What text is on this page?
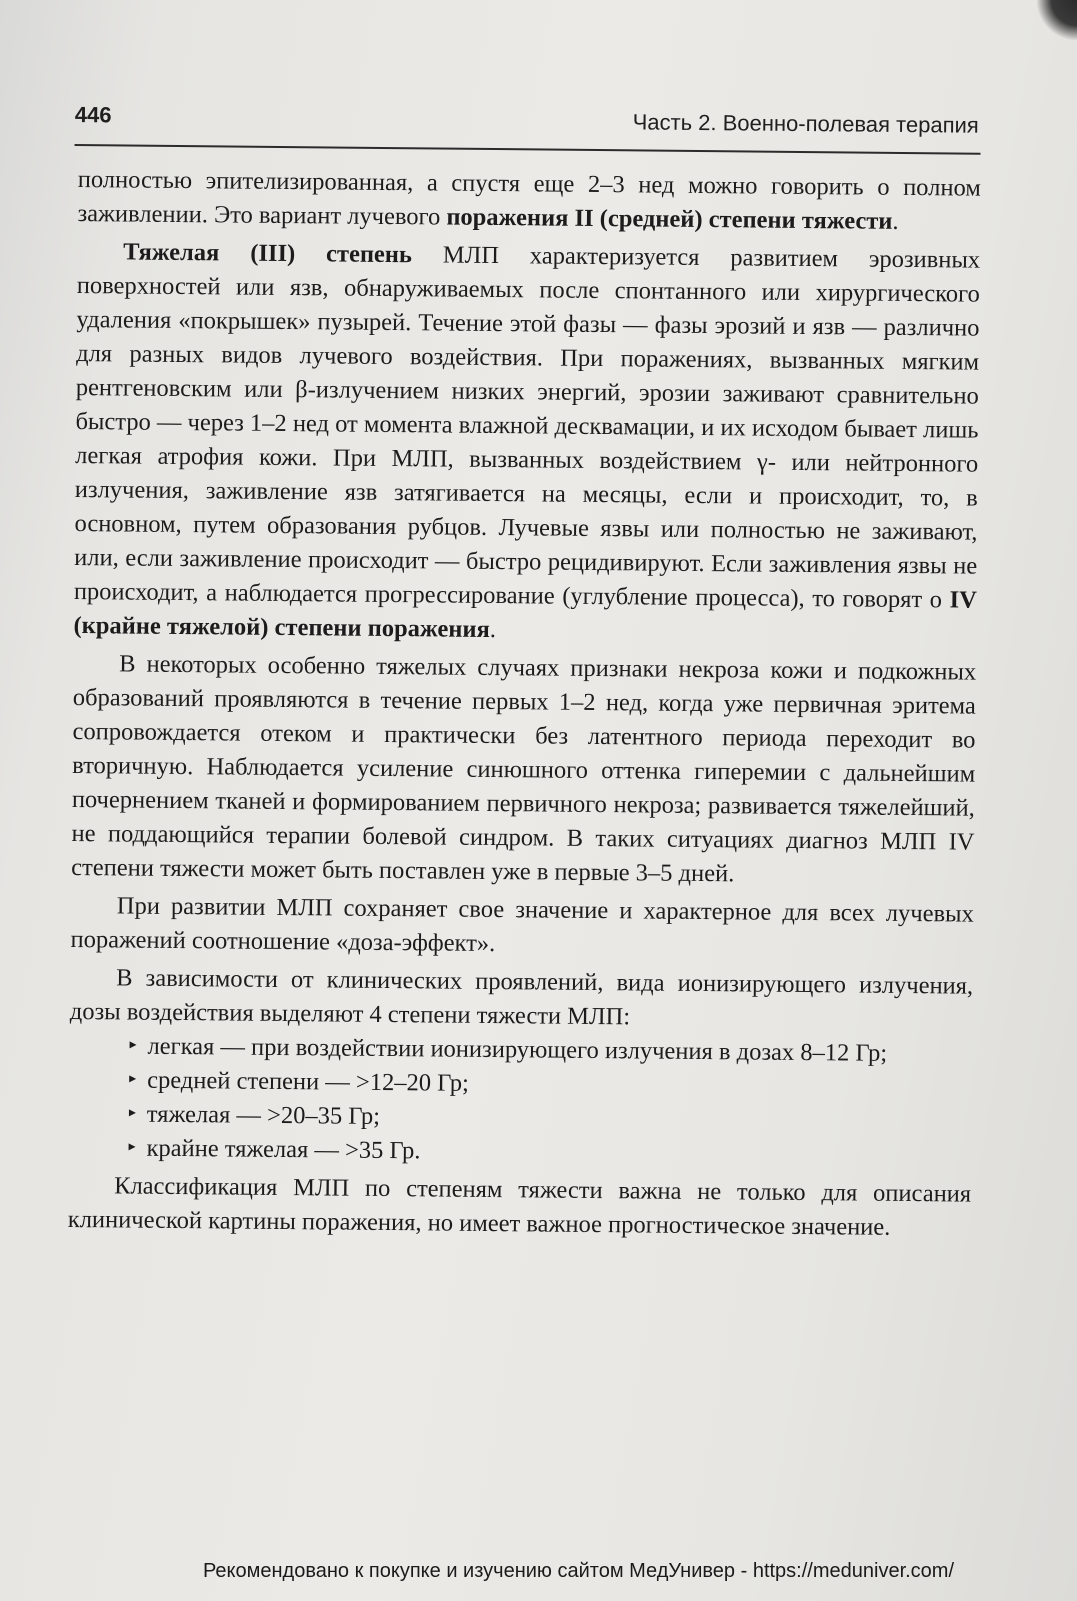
446	Часть 2. Военно-полевая терапия

полностью эпителизированная, а спустя еще 2–3 нед можно говорить о полном заживлении. Это вариант лучевого поражения II (средней) степени тяжести.

Тяжелая (III) степень МЛП характеризуется развитием эрозивных поверхностей или язв, обнаруживаемых после спонтанного или хирургического удаления «покрышек» пузырей. Течение этой фазы — фазы эрозий и язв — различно для разных видов лучевого воздействия. При поражениях, вызванных мягким рентгеновским или β-излучением низких энергий, эрозии заживают сравнительно быстро — через 1–2 нед от момента влажной десквамации, и их исходом бывает лишь легкая атрофия кожи. При МЛП, вызванных воздействием γ- или нейтронного излучения, заживление язв затягивается на месяцы, если и происходит, то, в основном, путем образования рубцов. Лучевые язвы или полностью не заживают, или, если заживление происходит — быстро рецидивируют. Если заживления язвы не происходит, а наблюдается прогрессирование (углубление процесса), то говорят о IV (крайне тяжелой) степени поражения.

В некоторых особенно тяжелых случаях признаки некроза кожи и подкожных образований проявляются в течение первых 1–2 нед, когда уже первичная эритема сопровождается отеком и практически без латентного периода переходит во вторичную. Наблюдается усиление синюшного оттенка гиперемии с дальнейшим почернением тканей и формированием первичного некроза; развивается тяжелейший, не поддающийся терапии болевой синдром. В таких ситуациях диагноз МЛП IV степени тяжести может быть поставлен уже в первые 3–5 дней.

При развитии МЛП сохраняет свое значение и характерное для всех лучевых поражений соотношение «доза-эффект».

В зависимости от клинических проявлений, вида ионизирующего излучения, дозы воздействия выделяют 4 степени тяжести МЛП:

▸ легкая — при воздействии ионизирующего излучения в дозах 8–12 Гр;
▸ средней степени — >12–20 Гр;
▸ тяжелая — >20–35 Гр;
▸ крайне тяжелая — >35 Гр.

Классификация МЛП по степеням тяжести важна не только для описания клинической картины поражения, но имеет важное прогностическое значение.

Рекомендовано к покупке и изучению сайтом МедУнивер - https://meduniver.com/
